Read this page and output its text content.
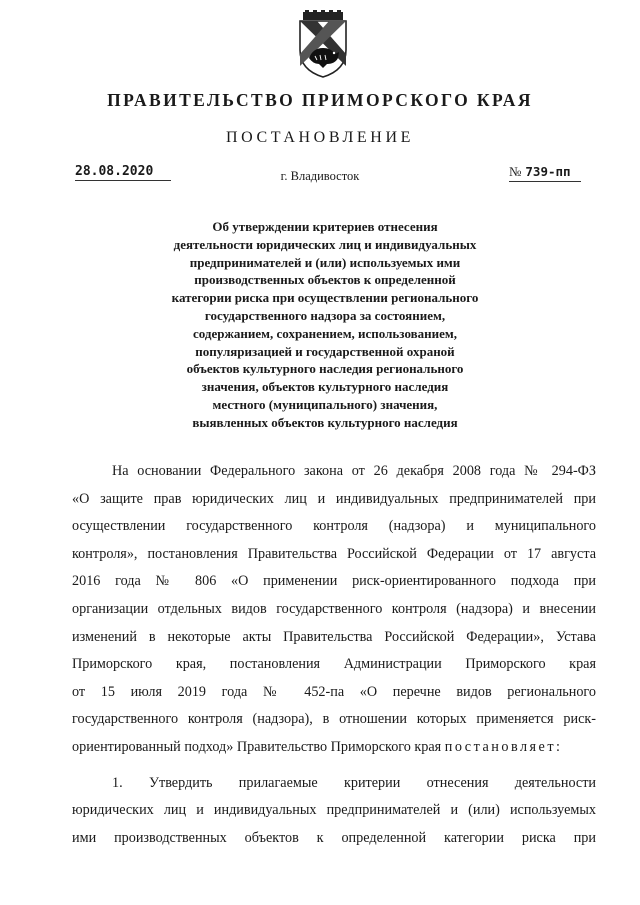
ПРАВИТЕЛЬСТВО ПРИМОРСКОГО КРАЯ
ПОСТАНОВЛЕНИЕ
28.08.2020	г. Владивосток	№ 739-пп
Об утверждении критериев отнесения
деятельности юридических лиц и индивидуальных
предпринимателей и (или) используемых ими
производственных объектов к определенной
категории риска при осуществлении регионального
государственного надзора за состоянием,
содержанием, сохранением, использованием,
популяризацией и государственной охраной
объектов культурного наследия регионального
значения, объектов культурного наследия
местного (муниципального) значения,
выявленных объектов культурного наследия
На основании Федерального закона от 26 декабря 2008 года № 294-ФЗ
«О защите прав юридических лиц и индивидуальных предпринимателей при
осуществлении государственного контроля (надзора) и муниципального
контроля», постановления Правительства Российской Федерации от 17 августа
2016 года № 806 «О применении риск-ориентированного подхода при
организации отдельных видов государственного контроля (надзора) и внесении
изменений в некоторые акты Правительства Российской Федерации», Устава
Приморского края, постановления Администрации Приморского края
от 15 июля 2019 года № 452-па «О перечне видов регионального
государственного контроля (надзора), в отношении которых применяется риск-
ориентированный подход» Правительство Приморского края постановляет:
1. Утвердить прилагаемые критерии отнесения деятельности
юридических лиц и индивидуальных предпринимателей и (или) используемых
ими производственных объектов к определенной категории риска при
